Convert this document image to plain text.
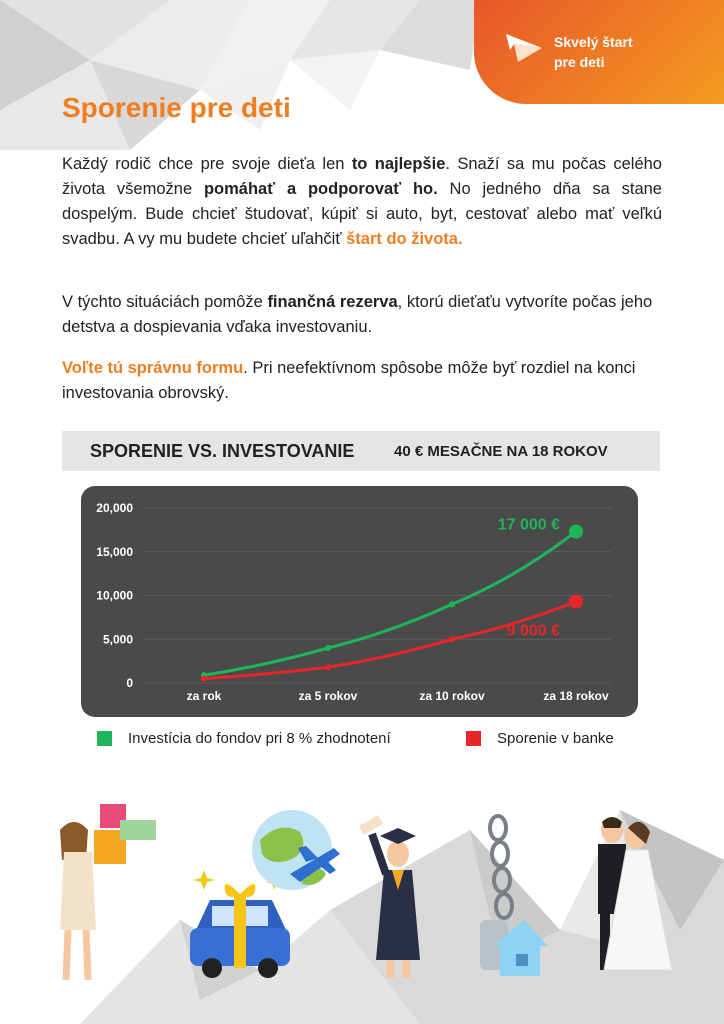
Skvelý štart
pre deti
Sporenie pre deti

Každý rodič chce pre svoje dieťa len to najlepšie. Snaží sa mu počas celého života všemožne pomáhať a podporovať ho. No jedného dňa sa stane dospelým. Bude chcieť študovať, kúpiť si auto, byt, cestovať alebo mať veľkú svadbu. A vy mu budete chcieť uľahčiť štart do života.

V týchto situáciách pomôže finančná rezerva, ktorú dieťaťu vytvoríte počas jeho detstva a dospievania vďaka investovaniu.

Voľte tú správnu formu. Pri neefektívnom spôsobe môže byť rozdiel na konci investovania obrovský.

SPORENIE VS. INVESTOVANIE	40 € MESAČNE NA 18 ROKOV
20,000
15,000
10,000
5,000
0
za rok	za 5 rokov	za 10 rokov	za 18 rokov
17 000 €
9 000 €
Investícia do fondov pri 8 % zhodnotení	Sporenie v banke
